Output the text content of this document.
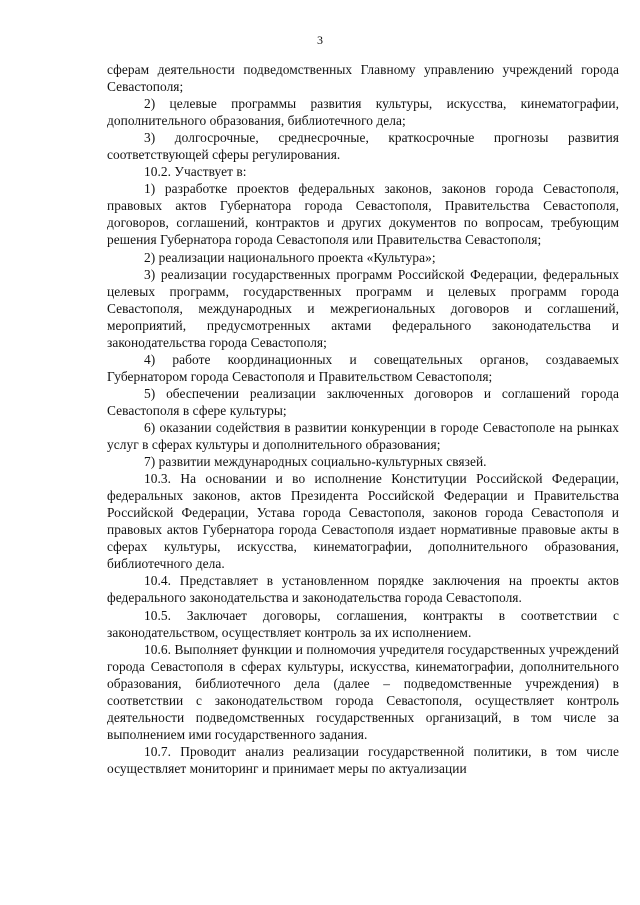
3

сферам деятельности подведомственных Главному управлению учреждений города Севастополя;

2) целевые программы развития культуры, искусства, кинематографии, дополнительного образования, библиотечного дела;

3) долгосрочные, среднесрочные, краткосрочные прогнозы развития соответствующей сферы регулирования.

10.2. Участвует в:

1) разработке проектов федеральных законов, законов города Севастополя, правовых актов Губернатора города Севастополя, Правительства Севастополя, договоров, соглашений, контрактов и других документов по вопросам, требующим решения Губернатора города Севастополя или Правительства Севастополя;

2) реализации национального проекта «Культура»;

3) реализации государственных программ Российской Федерации, федеральных целевых программ, государственных программ и целевых программ города Севастополя, международных и межрегиональных договоров и соглашений, мероприятий, предусмотренных актами федерального законодательства и законодательства города Севастополя;

4) работе координационных и совещательных органов, создаваемых Губернатором города Севастополя и Правительством Севастополя;

5) обеспечении реализации заключенных договоров и соглашений города Севастополя в сфере культуры;

6) оказании содействия в развитии конкуренции в городе Севастополе на рынках услуг в сферах культуры и дополнительного образования;

7) развитии международных социально-культурных связей.

10.3. На основании и во исполнение Конституции Российской Федерации, федеральных законов, актов Президента Российской Федерации и Правительства Российской Федерации, Устава города Севастополя, законов города Севастополя и правовых актов Губернатора города Севастополя издает нормативные правовые акты в сферах культуры, искусства, кинематографии, дополнительного образования, библиотечного дела.

10.4. Представляет в установленном порядке заключения на проекты актов федерального законодательства и законодательства города Севастополя.

10.5. Заключает договоры, соглашения, контракты в соответствии с законодательством, осуществляет контроль за их исполнением.

10.6. Выполняет функции и полномочия учредителя государственных учреждений города Севастополя в сферах культуры, искусства, кинематографии, дополнительного образования, библиотечного дела (далее – подведомственные учреждения) в соответствии с законодательством города Севастополя, осуществляет контроль деятельности подведомственных государственных организаций, в том числе за выполнением ими государственного задания.

10.7. Проводит анализ реализации государственной политики, в том числе осуществляет мониторинг и принимает меры по актуализации
